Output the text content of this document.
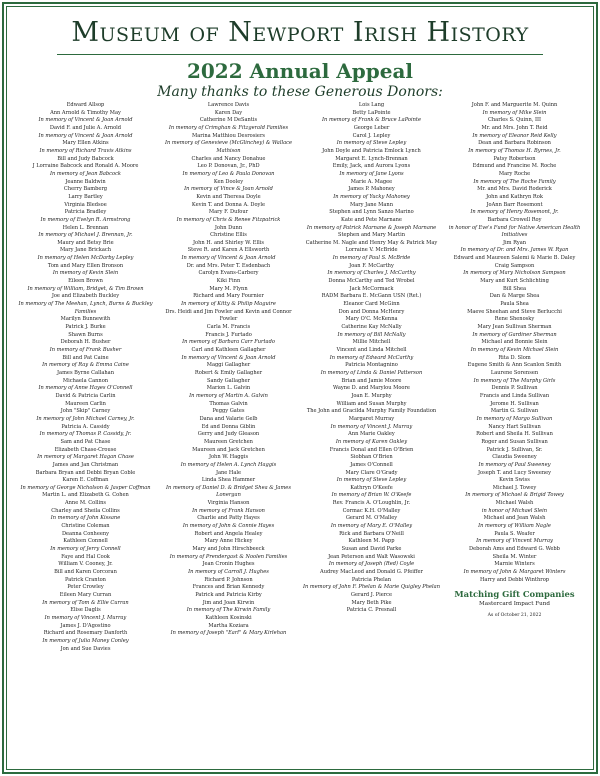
Museum of Newport Irish History
2022 Annual Appeal
Many thanks to these Generous Donors:

Edward Allsop

Ann Arnold & Timothy May

In memory of Vincent & Joan Arnold

David F. and Julie A. Arnold

In memory of Vincent & Joan Arnold

Mary Ellen Atkins

In memory of Richard Travis Atkins

Bill and Judy Babcock

J Lorraine Babcock and Ronald A. Moore

In memory of Jean Babcock

Jeanne Baldwin

Cherry Bamberg

Larry Bartley

Virginia Bledsoe

Patricia Bradley

In memory of Evelyn R. Armstrong

Helen L. Brennan

In memory of Michael J. Brennan, Jr.

Maury and Betsy Brie

Mary Jane Brickach

In memory of Helen McDarby Lepley

Tom and Mary Ellen Bronson

In memory of Kevin Slein

Eileen Brown

In memory of William, Bridget, & Tim Brown

Joe and Elizabeth Buckley

In memory of The Meehan, Lynch, Burns & Buckley Families

Marilyn Bunnewith

Patrick J. Burke

Shawn Burns

Deborah H. Busher

In memory of Frank Busher

Bill and Pat Caine

In memory of Ray & Emma Caine

James Byrne Callahan

Michaela Cannon

In memory of Anne Hayes O'Connell

David & Patricia Carlin

Maureen Carlin

John "Skip" Carney

In memory of John Michael Carney, Jr.

Patricia A. Cassidy

In memory of Thomas P. Cassidy, Jr.

Sam and Pat Chase

Elizabeth Chase-Crouse

In memory of Margaret Hagan Chase

James and Jan Christman

Barbara Bryan and Debbi Bryan Coble

Karen E. Coffman

In memory of George Nicholson & Jasper Coffman

Martin L. and Elizabeth G. Cohen

Anne M. Collins

Charley and Sheila Collins

In memory of John Kissane

Christine Coleman

Deanna Conheeny

Kathleen Connell

In memory of Jerry Connell

Faye and Hal Cook

William V. Cooney, Jr.

Bill and Karen Corcoran

Patrick Cranton

Peter Crowley

Eileen Mary Curran

In memory of Tom & Ellie Curran

Elise Daglis

In memory of Vincent J. Murray

James J. D'Agostino

Richard and Rosemary Danforth

In memory of Julia Maney Conley

Jon and Sue Davies

Lawrence Davis

Karen Day

Catherine M DeSantis

In memory of Crimghan & Fitzgerald Families

Marina Matthiou Desrosiers

In memory of Genevieve (McGlinchey) & Wallace Mathison

Charles and Nancy Donahue

Leo P. Donovan, Jr., PhD

In memory of Leo & Paula Donovan

Ken Dooley

In memory of Vince & Joan Arnold

Kevin and Theresa Doyle

Kevin T. and Donna A. Doyle

Mary F. Dufour

In memory of Chris & Renee Fitzpatrick

John Dunn

Christine Ellis

John H. and Shirley W. Ellis

Steve R. and Karen A Ellsworth

In memory of Vincent & Joan Arnold

Dr. and Mrs. Peter T. Esdenbach

Carolyn Evans-Carbery

Kiki Finn

Mary M. Flynn

Richard and Mary Fournier

In memory of Kitty & Philip Maguire

Drs. Heidi and Jim Fowler and Kevin and Connor Fowler

Carla M. Francis

Francis J. Furtado

In memory of Barbara Carr Furtado

Carl and Kathleen Gallagher

In memory of Vincent & Joan Arnold

Maggi Gallagher

Robert & Emily Gallagher

Sandy Gallagher

Marion L. Galvin

In memory of Martin A. Galvin

Thomas Galvin

Peggy Gates

Dana and Valarie Gelb

Ed and Donna Giblin

Gerry and Judy Gleason

Maureen Gretchen

Maureen and Jack Gretchen

John W. Haggis

In memory of Helen A. Lynch Haggis

Jane Hale

Linda Shea Hammer

In memory of Daniel D. & Bridget Shea & James Lonergan

Virginia Hanson

In memory of Frank Hanson

Charlie and Patty Hayes

In memory of John & Connie Hayes

Robert and Angela Healey

Mary Anne Hickey

Mary and John Hirschbeeck

In memory of Prendergast & Noolen Families

Jean Cronin Hughes

In memory of Carroll J. Hughes

Richard P. Johnson

Frances and Brian Kennedy

Patrick and Patricia Kirby

Jim and Joan Kirwin

In memory of The Kirwin Family

Kathleen Kosinski

Martha Koziara

In memory of Joseph "Earl" & Mary Kirlehan

Lois Lang

Betty LaPointe

In memory of Frank & Bruce LaPointe

George Leber

Carol J. Lepley

In memory of Steve Lepley

John Doyle and Patricia Emlock Lynch

Margaret E. Lynch-Brennan

Emily, Jack, and Aurora Lyons

In memory of Jane Lyons

Marie A. Magee

James P. Mahoney

In memory of Yucky Mahoney

Mary Jane Mann

Stephen and Lynn Sanzo Marino

Kate and Pete Marnane

In memory of Patrick Marnane & Joseph Marnane

Stephen and Mary Martin

Catherine M. Nagle and Henry May & Patrick May

Lorraine V. McBride

In memory of Paul S. McBride

Joan F. McCarthy

In memory of Charles J. McCarthy

Donna McCarthy and Ted Wrobel

Jack McCormack

RADM Barbara E. McGann USN (Ret.)

Eleanor Card McGinn

Don and Donna McHenry

Mary O'C. McKenna

Catherine Kay McNally

In memory of Bill McNally

Millie Mitchell

Vincent and Linda Mitchell

In memory of Edward McCarthy

Patricia Montagnino

In memory of Linda & Daniel Patterson

Brian and Jamie Moore

Wayne D. and Marylou Moore

Joan E. Murphy

William and Susan Murphy

The John and Gracilda Murphy Family Foundation

Margaret Murray

In memory of Vincent J. Murray

Ann Marie Oakley

In memory of Karen Oakley

Francis Donal and Ellen O'Brien

Siobhan O'Brien

James O'Connell

Mary Clare O'Grady

In memory of Steve Lepley

Kathryn O'Keefe

In memory of Brian W. O'Keefe

Rev. Francis A. O'Loughlin, Jr.

Cormac K.H. O'Malley

Gerard M. O'Malley

In memory of Mary E. O'Malley

Rick and Barbara O'Neill

Kathleen M. Papp

Susan and David Parke

Jean Peterson and Walt Wasowski

In memory of Joseph (Red) Coyle

Audrey MacLeod and Donald G. Pfeiffer

Patricia Phelan

In memory of John F. Phelan & Marie Quigley Phelan

Gerard J. Pierce

Mary Beth Pike

Patricia C. Presnall

John F. and Marguerite M. Quinn

In memory of Mike Slein

Charles S. Quinn, III

Mr. and Mrs. John T. Reid

In memory of Eleanor Reid Kelly

Dean and Barbara Robinson

In memory of Thomas H. Byrnes, Jr.

Patsy Robertson

Edmund and Francine M. Roche

Mary Roche

In memory of The Roche Family

Mr. and Mrs. David Roderick

John and Kathryn Rok

JoAnn Barr Rosemont

In memory of Henry Rosemont, Jr.

Barbara Crowell Roy

in honor of Eve's Fund for Native American Health Initiatives

Jim Ryan

In memory of Dr. and Mrs. James W. Ryan

Edward and Maureen Salemi & Marie B. Daley

Craig Sampson

In memory of Mary Nicholson Sampson

Mary and Kurt Schlichting

Bill Shea

Dan & Marge Shea

Paula Shea

Maeve Sheehan and Steve Berlucchi

Rene Shenosky

Mary Jean Sullivan Sherman

In memory of Gardiner Sherman

Michael and Bonnie Slein

In memory of Kevin Michael Slein

Rita D. Slom

Eugene Smith & Ann Scanlon Smith

Laurene Sorensen

In memory of The Murphy Girls

Dennis P. Sullivan

Francis and Linda Sullivan

Jerome H. Sullivan

Martin G. Sullivan

In memory of Margo Sullivan

Nancy Hart Sullivan

Robert and Sheila H. Sullivan

Roger and Susan Sullivan

Patrick J. Sullivan, Sr.

Claudia Sweeney

In memory of Paul Sweeney

Joseph T. and Lucy Sweeney

Kevin Swiss

Michael J. Towey

In memory of Michael & Brigid Towey

Michael Walsh

in honor of Michael Slein

Michael and Jean Walsh

In memory of William Nagle

Paula S. Weafer

In memory of Vincent Murray

Deborah Ams and Edward G. Webb

Sheila M. Winter

Marnie Winters

In memory of John & Margaret Winters

Harry and Debbi Winthrop

Matching Gift Companies
Mastercard Impact Fund
As of October 21, 2022
